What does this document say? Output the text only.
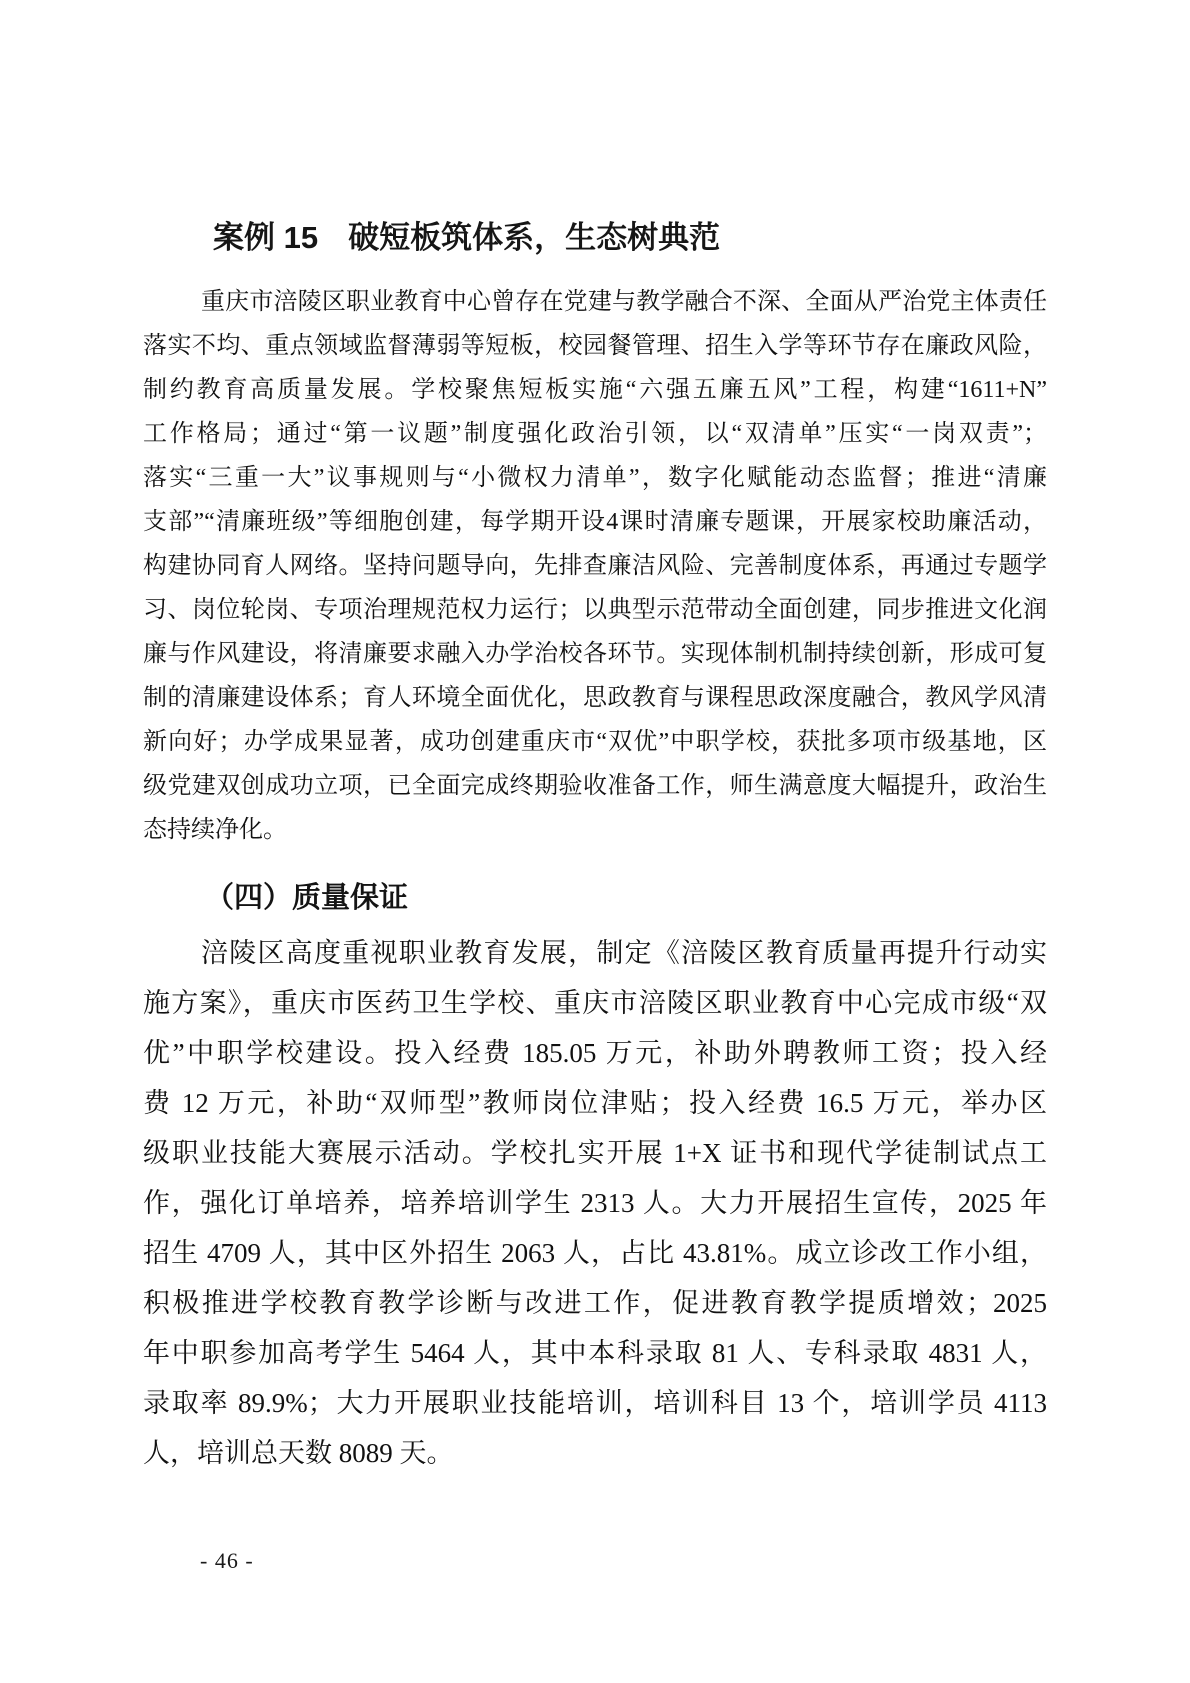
案例 15 破短板筑体系，生态树典范
重庆市涪陵区职业教育中心曾存在党建与教学融合不深、全面从严治党主体责任
落实不均、重点领域监督薄弱等短板，校园餐管理、招生入学等环节存在廉政风险，
制约教育高质量发展。学校聚焦短板实施“六强五廉五风”工程，构建“1611+N”
工作格局；通过“第一议题”制度强化政治引领，以“双清单”压实“一岗双责”；
落实“三重一大”议事规则与“小微权力清单”，数字化赋能动态监督；推进“清廉
支部”“清廉班级”等细胞创建，每学期开设4课时清廉专题课，开展家校助廉活动，
构建协同育人网络。坚持问题导向，先排查廉洁风险、完善制度体系，再通过专题学
习、岗位轮岗、专项治理规范权力运行；以典型示范带动全面创建，同步推进文化润
廉与作风建设，将清廉要求融入办学治校各环节。实现体制机制持续创新，形成可复
制的清廉建设体系；育人环境全面优化，思政教育与课程思政深度融合，教风学风清
新向好；办学成果显著，成功创建重庆市“双优”中职学校，获批多项市级基地，区
级党建双创成功立项，已全面完成终期验收准备工作，师生满意度大幅提升，政治生
态持续净化。
（四）质量保证
涪陵区高度重视职业教育发展，制定《涪陵区教育质量再提升行动实
施方案》，重庆市医药卫生学校、重庆市涪陵区职业教育中心完成市级“双
优”中职学校建设。投入经费 185.05 万元，补助外聘教师工资；投入经
费 12 万元，补助“双师型”教师岗位津贴；投入经费 16.5 万元，举办区
级职业技能大赛展示活动。学校扎实开展 1+X 证书和现代学徒制试点工
作，强化订单培养，培养培训学生 2313 人。大力开展招生宣传，2025 年
招生 4709 人，其中区外招生 2063 人，占比 43.81%。成立诊改工作小组，
积极推进学校教育教学诊断与改进工作，促进教育教学提质增效；2025
年中职参加高考学生 5464 人，其中本科录取 81 人、专科录取 4831 人，
录取率 89.9%；大力开展职业技能培训，培训科目 13 个，培训学员 4113
人，培训总天数 8089 天。
- 46 -
